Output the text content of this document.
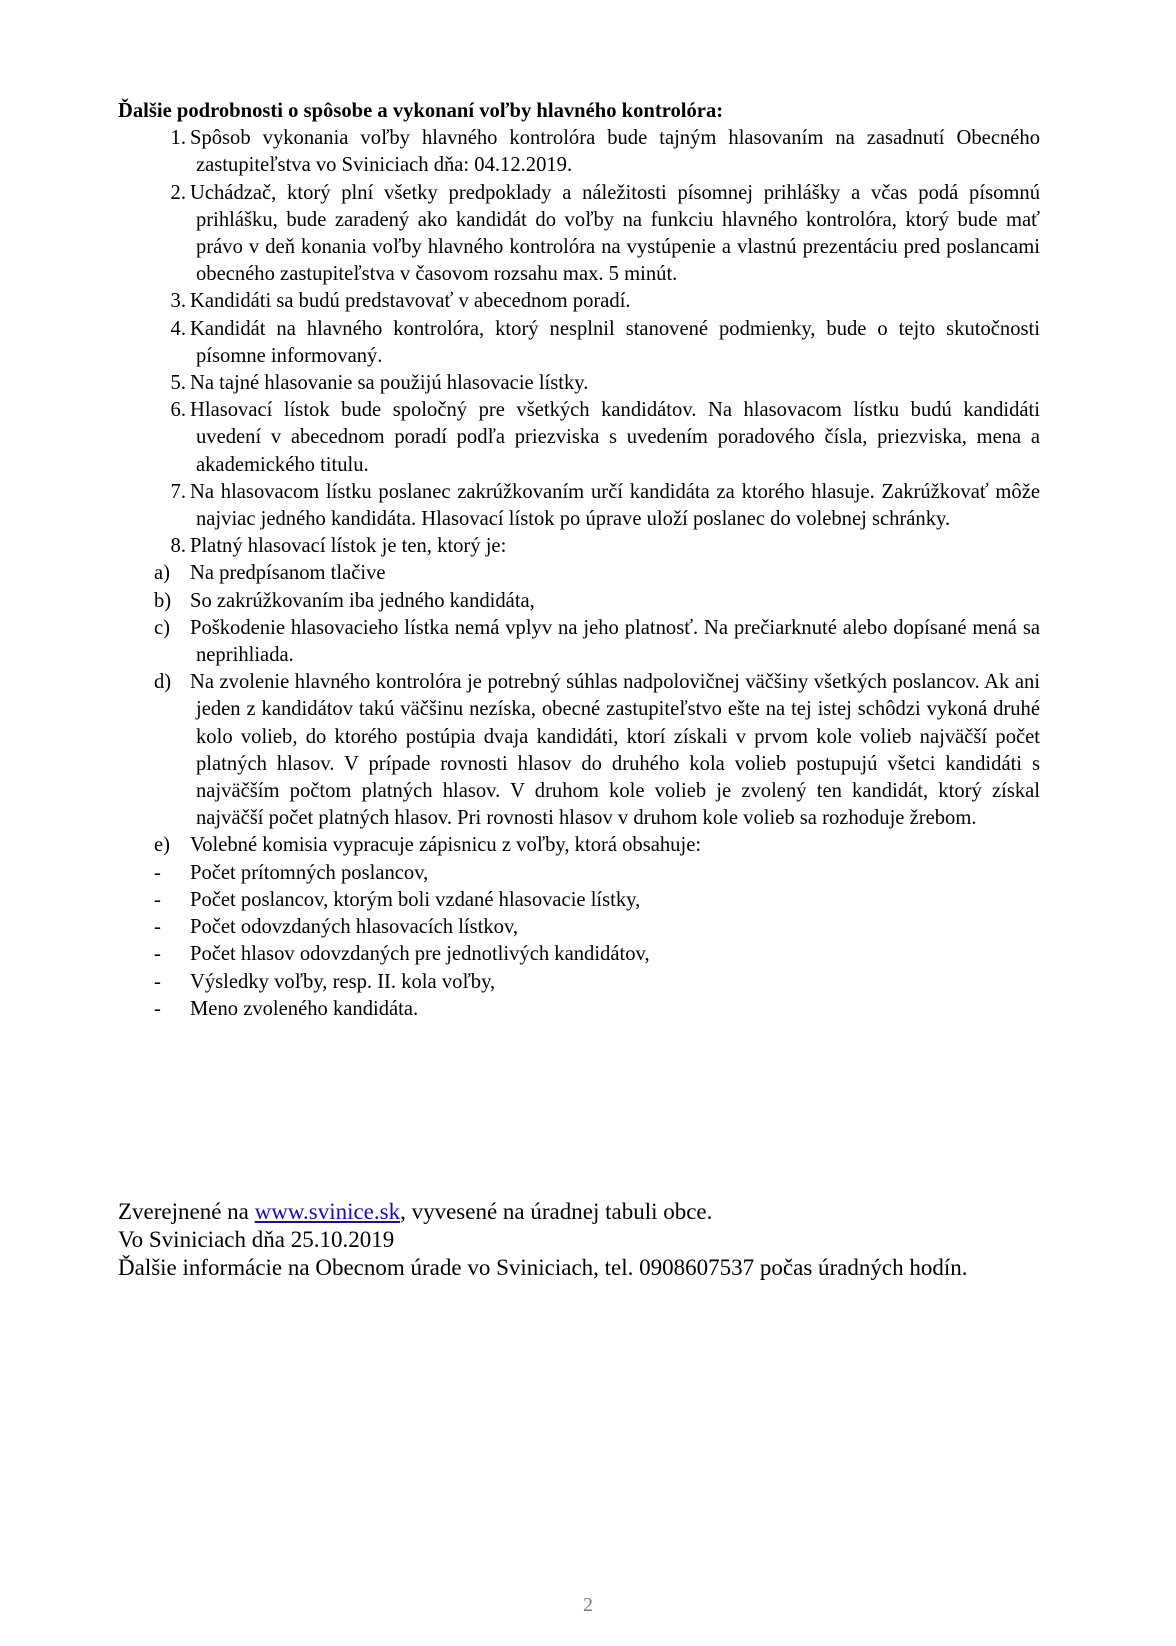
Ďalšie podrobnosti o spôsobe a vykonaní voľby hlavného kontrolóra:

1. Spôsob vykonania voľby hlavného kontrolóra bude tajným hlasovaním na zasadnutí Obecného zastupiteľstva vo Sviniciach dňa: 04.12.2019.
2. Uchádzač, ktorý plní všetky predpoklady a náležitosti písomnej prihlášky a včas podá písomnú prihlášku, bude zaradený ako kandidát do voľby na funkciu hlavného kontrolóra, ktorý bude mať právo v deň konania voľby hlavného kontrolóra na vystúpenie a vlastnú prezentáciu pred poslancami obecného zastupiteľstva v časovom rozsahu max. 5 minút.
3. Kandidáti sa budú predstavovať v abecednom poradí.
4. Kandidát na hlavného kontrolóra, ktorý nesplnil stanovené podmienky, bude o tejto skutočnosti písomne informovaný.
5. Na tajné hlasovanie sa použijú hlasovacie lístky.
6. Hlasovací lístok bude spoločný pre všetkých kandidátov. Na hlasovacom lístku budú kandidáti uvedení v abecednom poradí podľa priezviska s uvedením poradového čísla, priezviska, mena a akademického titulu.
7. Na hlasovacom lístku poslanec zakrúžkovaním určí kandidáta za ktorého hlasuje. Zakrúžkovať môže najviac jedného kandidáta. Hlasovací lístok po úprave uloží poslanec do volebnej schránky.
8. Platný hlasovací lístok je ten, ktorý je:
a) Na predpísanom tlačive
b) So zakrúžkovaním iba jedného kandidáta,
c) Poškodenie hlasovacieho lístka nemá vplyv na jeho platnosť. Na prečiarknuté alebo dopísané mená sa neprihliada.
d) Na zvolenie hlavného kontrolóra je potrebný súhlas nadpolovičnej väčšiny všetkých poslancov. Ak ani jeden z kandidátov takú väčšinu nezíska, obecné zastupiteľstvo ešte na tej istej schôdzi vykoná druhé kolo volieb, do ktorého postúpia dvaja kandidáti, ktorí získali v prvom kole volieb najväčší počet platných hlasov. V prípade rovnosti hlasov do druhého kola volieb postupujú všetci kandidáti s najväčším počtom platných hlasov. V druhom kole volieb je zvolený ten kandidát, ktorý získal najväčší počet platných hlasov. Pri rovnosti hlasov v druhom kole volieb sa rozhoduje žrebom.
e) Volebné komisia vypracuje zápisnicu z voľby, ktorá obsahuje:
-	Počet prítomných poslancov,
-	Počet poslancov, ktorým boli vzdané hlasovacie lístky,
-	Počet odovzdaných hlasovacích lístkov,
-	Počet hlasov odovzdaných pre jednotlivých kandidátov,
-	Výsledky voľby, resp. II. kola voľby,
-	Meno zvoleného kandidáta.

Zverejnené na www.svinice.sk, vyvesené na úradnej tabuli obce.

Vo Sviniciach dňa 25.10.2019

Ďalšie informácie na Obecnom úrade vo Sviniciach, tel. 0908607537 počas úradných hodín.

2
